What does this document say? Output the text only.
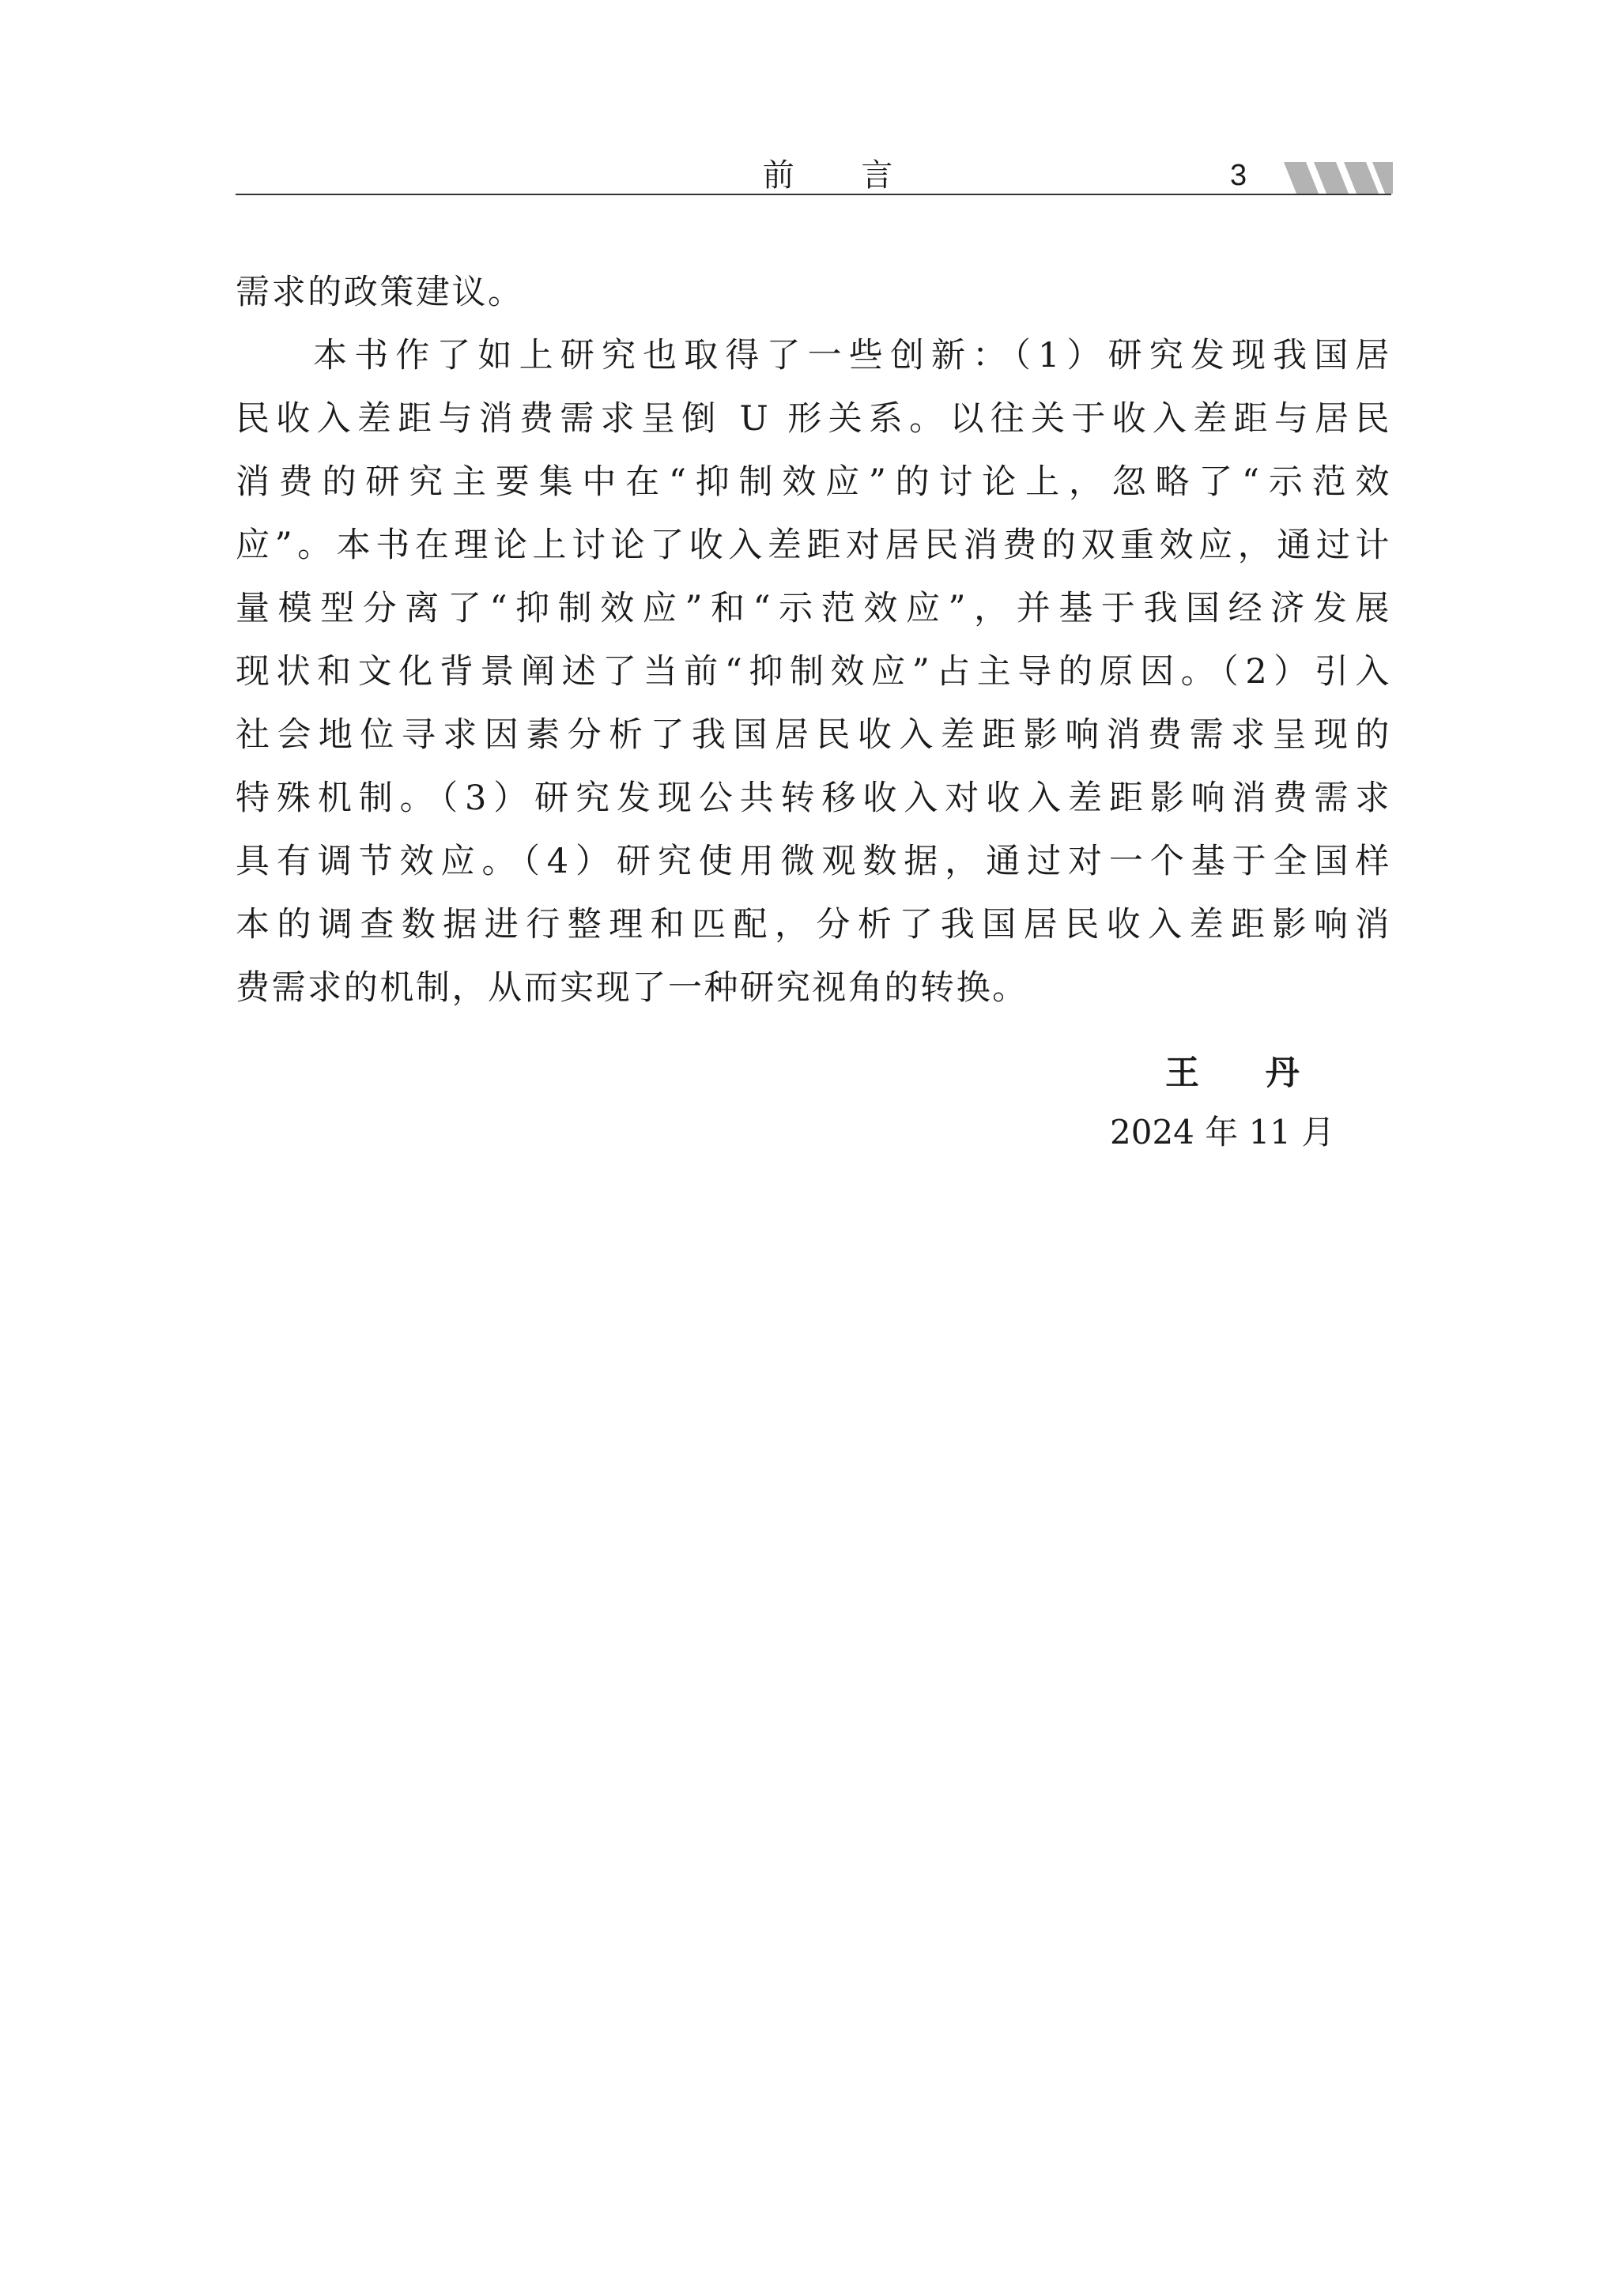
前 言	3
需求的政策建议。
本书作了如上研究也取得了一些创新：（1）研究发现我国居
民收入差距与消费需求呈倒 U 形关系。以往关于收入差距与居民
消费的研究主要集中在“抑制效应”的讨论上，忽略了“示范效
应”。本书在理论上讨论了收入差距对居民消费的双重效应，通过计
量模型分离了“抑制效应”和“示范效应”，并基于我国经济发展
现状和文化背景阐述了当前“抑制效应”占主导的原因。（2）引入
社会地位寻求因素分析了我国居民收入差距影响消费需求呈现的
特殊机制。（3）研究发现公共转移收入对收入差距影响消费需求
具有调节效应。（4）研究使用微观数据，通过对一个基于全国样
本的调查数据进行整理和匹配，分析了我国居民收入差距影响消
费需求的机制，从而实现了一种研究视角的转换。
王 丹
2024 年 11 月
